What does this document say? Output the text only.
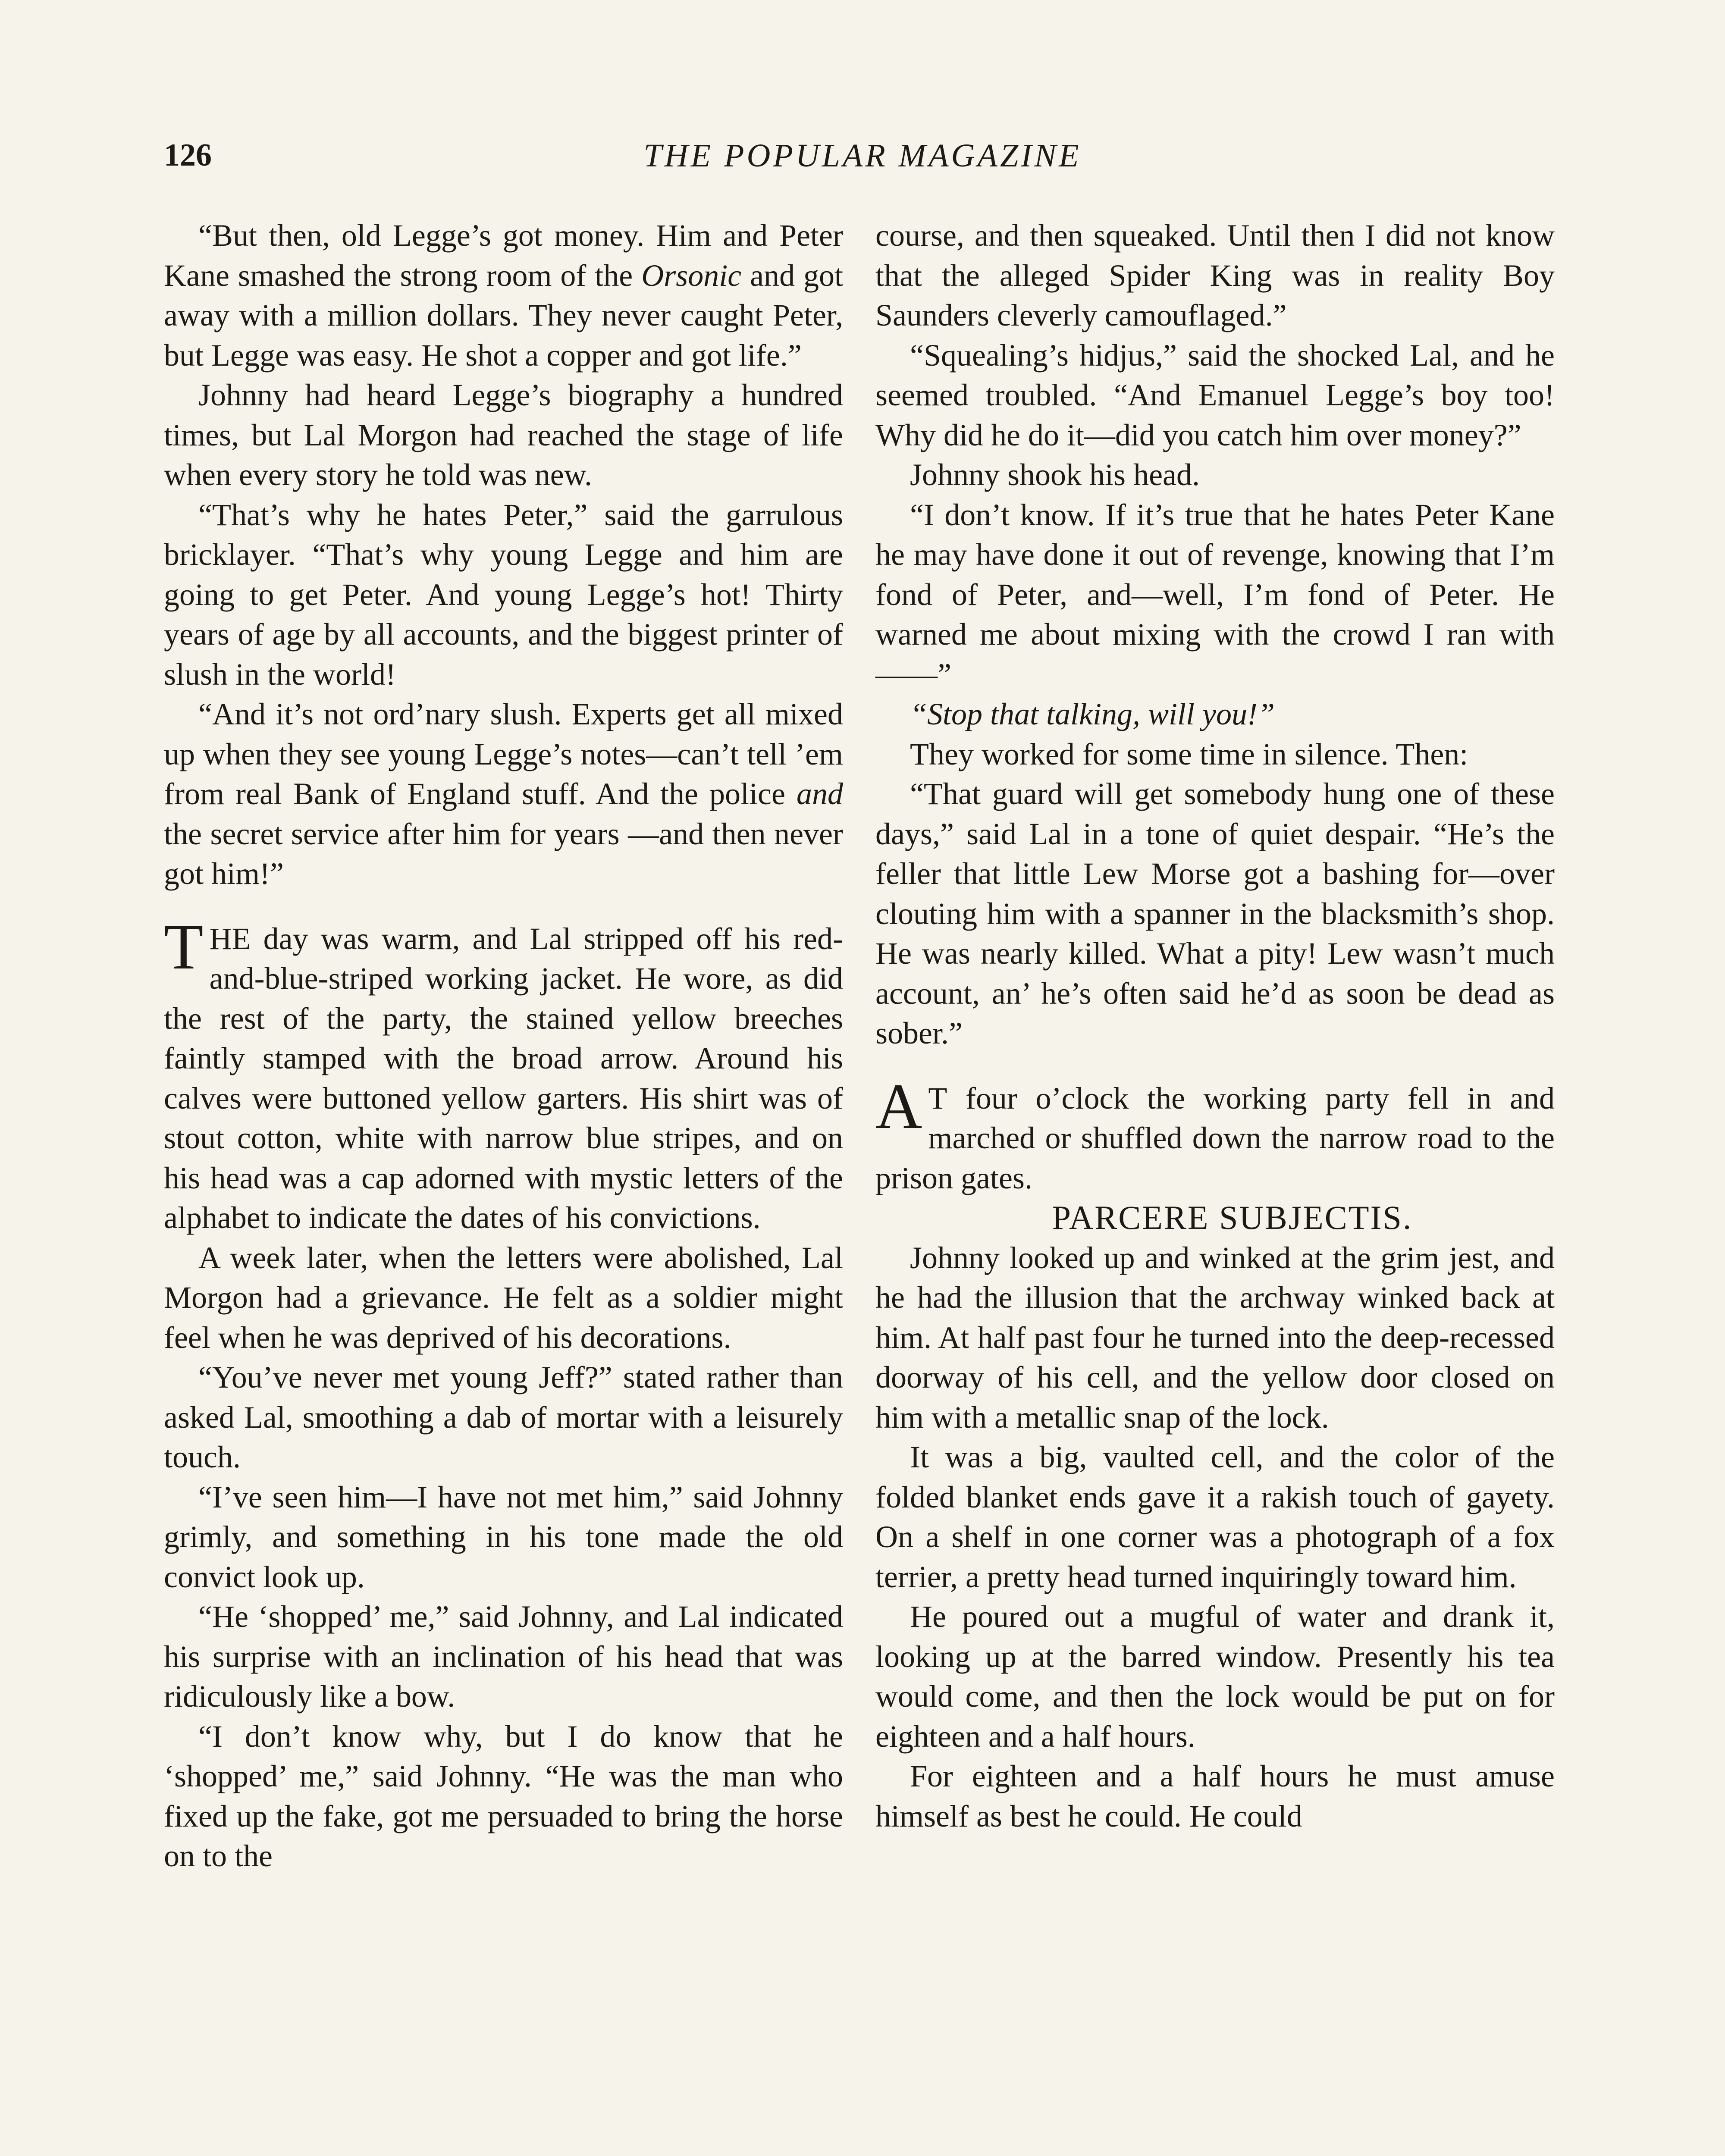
126	THE POPULAR MAGAZINE

“But then, old Legge’s got money. Him and Peter Kane smashed the strong room of the Orsonic and got away with a million dollars. They never caught Peter, but Legge was easy. He shot a copper and got life.”

Johnny had heard Legge’s biography a hundred times, but Lal Morgon had reached the stage of life when every story he told was new.

“That’s why he hates Peter,” said the garrulous bricklayer. “That’s why young Legge and him are going to get Peter. And young Legge’s hot! Thirty years of age by all accounts, and the biggest printer of slush in the world!

“And it’s not ord’nary slush. Experts get all mixed up when they see young Legge’s notes—can’t tell ’em from real Bank of England stuff. And the police and the secret service after him for years —and then never got him!”

THE day was warm, and Lal stripped off his red-and-blue-striped working jacket. He wore, as did the rest of the party, the stained yellow breeches faintly stamped with the broad arrow. Around his calves were buttoned yellow garters. His shirt was of stout cotton, white with narrow blue stripes, and on his head was a cap adorned with mystic letters of the alphabet to indicate the dates of his convictions.

A week later, when the letters were abolished, Lal Morgon had a grievance. He felt as a soldier might feel when he was deprived of his decorations.

“You’ve never met young Jeff?” stated rather than asked Lal, smoothing a dab of mortar with a leisurely touch.

“I’ve seen him—I have not met him,” said Johnny grimly, and something in his tone made the old convict look up.

“He ‘shopped’ me,” said Johnny, and Lal indicated his surprise with an inclination of his head that was ridiculously like a bow.

“I don’t know why, but I do know that he ‘shopped’ me,” said Johnny. “He was the man who fixed up the fake, got me persuaded to bring the horse on to the

course, and then squeaked. Until then I did not know that the alleged Spider King was in reality Boy Saunders cleverly camouflaged.”

“Squealing’s hidjus,” said the shocked Lal, and he seemed troubled. “And Emanuel Legge’s boy too! Why did he do it—did you catch him over money?”

Johnny shook his head.

“I don’t know. If it’s true that he hates Peter Kane he may have done it out of revenge, knowing that I’m fond of Peter, and—well, I’m fond of Peter. He warned me about mixing with the crowd I ran with——”

“Stop that talking, will you!”

They worked for some time in silence. Then:

“That guard will get somebody hung one of these days,” said Lal in a tone of quiet despair. “He’s the feller that little Lew Morse got a bashing for—over clouting him with a spanner in the blacksmith’s shop. He was nearly killed. What a pity! Lew wasn’t much account, an’ he’s often said he’d as soon be dead as sober.”

A T four o’clock the working party fell in and marched or shuffled down the narrow road to the prison gates.

PARCERE SUBJECTIS.

Johnny looked up and winked at the grim jest, and he had the illusion that the archway winked back at him. At half past four he turned into the deep-recessed doorway of his cell, and the yellow door closed on him with a metallic snap of the lock.

It was a big, vaulted cell, and the color of the folded blanket ends gave it a rakish touch of gayety. On a shelf in one corner was a photograph of a fox terrier, a pretty head turned inquiringly toward him.

He poured out a mugful of water and drank it, looking up at the barred window. Presently his tea would come, and then the lock would be put on for eighteen and a half hours.

For eighteen and a half hours he must amuse himself as best he could. He could
